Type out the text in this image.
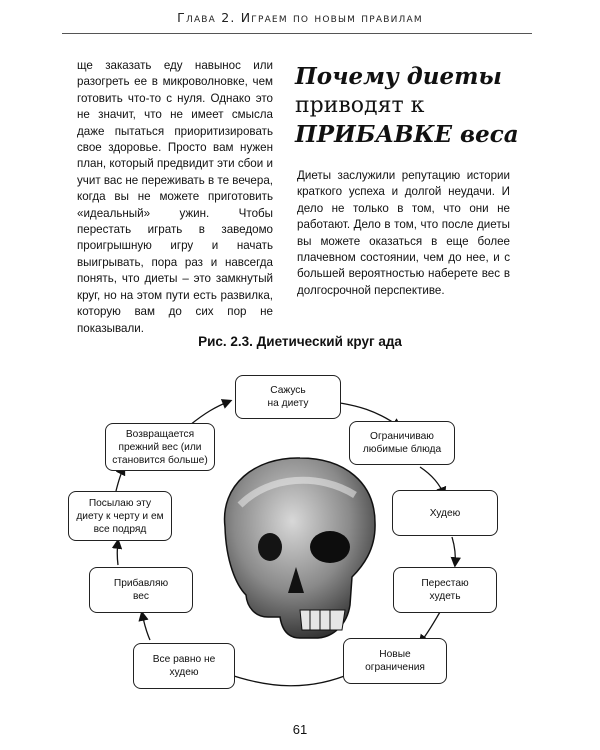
Глава 2. Играем по новым правилам

ще заказать еду навынос или разогреть ее в микроволновке, чем готовить что-то с нуля. Однако это не значит, что не имеет смысла даже пытаться приоритизировать свое здоровье. Просто вам нужен план, который предвидит эти сбои и учит вас не переживать в те вечера, когда вы не можете приготовить «идеальный» ужин. Чтобы перестать играть в заведомо проигрышную игру и начать выигрывать, пора раз и навсегда понять, что диеты – это замкнутый круг, но на этом пути есть развилка, которую вам до сих пор не показывали.

Почему диеты
приводят к
ПРИБАВКЕ веса

Диеты заслужили репутацию истории краткого успеха и долгой неудачи. И дело не только в том, что они не работают. Дело в том, что после диеты вы можете оказаться в еще более плачевном состоянии, чем до нее, и с большей вероятностью наберете вес в долгосрочной перспективе.

Рис. 2.3. Диетический круг ада
Сажусь
на диету
Ограничиваю
любимые блюда
Худею
Перестаю
худеть
Новые
ограничения
Все равно не
худею
Прибавляю
вес
Посылаю эту
диету к черту и ем
все подряд
Возвращается
прежний вес (или
становится больше)
61
